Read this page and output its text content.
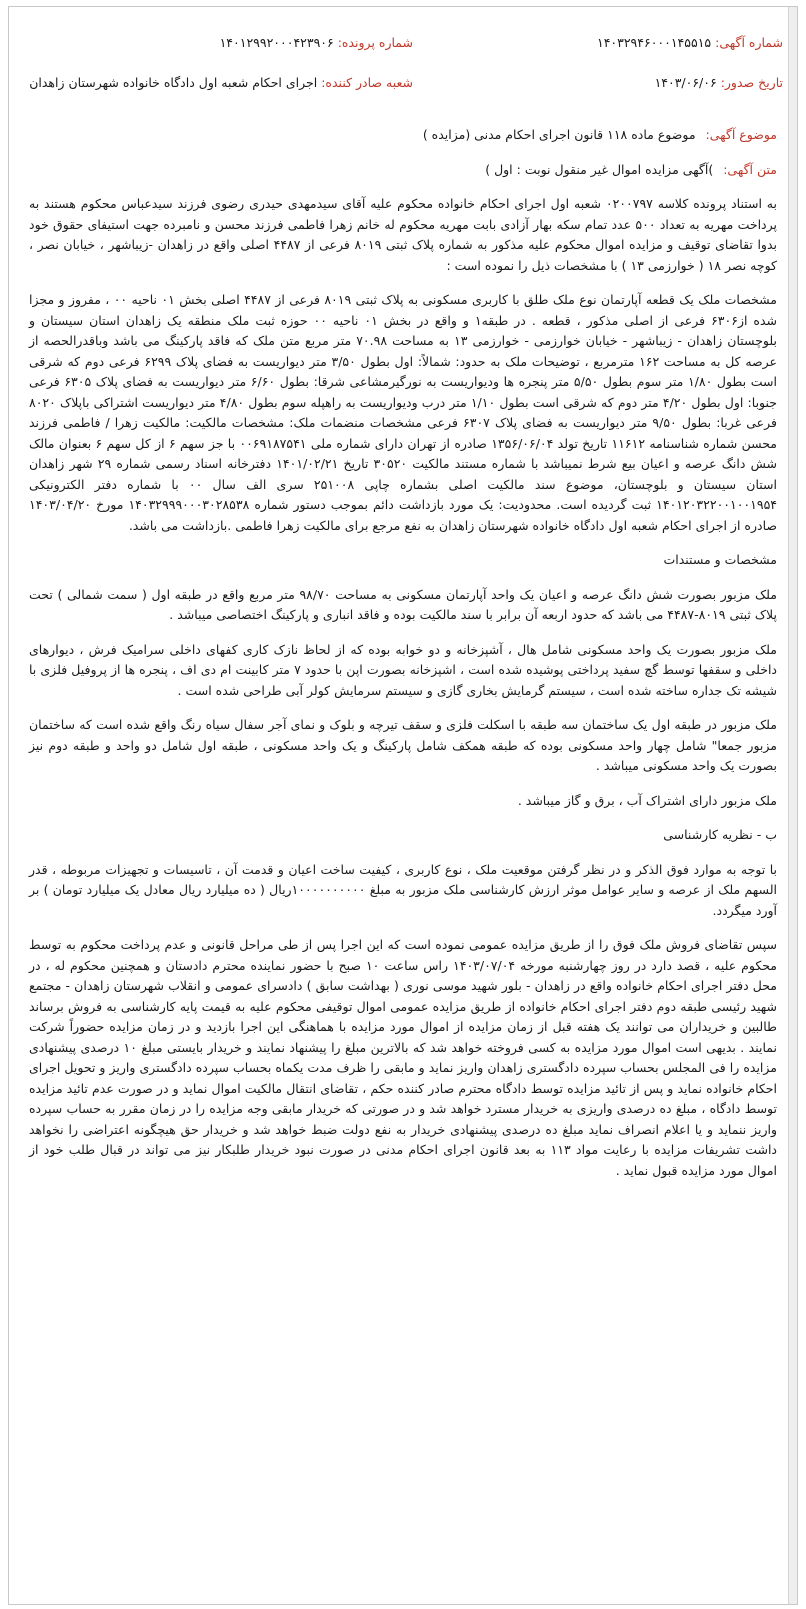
شماره آگهی: ۱۴۰۳۲۹۴۶۰۰۰۱۴۵۵۱۵
شماره پرونده: ۱۴۰۱۲۹۹۲۰۰۰۴۲۳۹۰۶
تاریخ صدور: ۱۴۰۳/۰۶/۰۶
شعبه صادر کننده: اجرای احکام شعبه اول دادگاه خانواده شهرستان زاهدان
موضوع آگهی: موضوع ماده ۱۱۸ قانون اجرای احکام مدنی (مزایده )
متن آگهی: )آگهی مزایده اموال غیر منقول نوبت : اول )

به استناد پرونده کلاسه ۰۲۰۰۷۹۷ شعبه اول اجرای احکام خانواده محکوم علیه آقای سیدمهدی حیدری رضوی فرزند سیدعباس محکوم هستند به پرداخت مهریه به تعداد ۵۰۰ عدد تمام سکه بهار آزادی بابت مهریه محکوم له خانم زهرا فاطمی فرزند محسن و نامبرده جهت استیفای حقوق خود بدوا تقاضای توقیف و مزایده اموال محکوم علیه مذکور به شماره پلاک ثبتی ۸۰۱۹ فرعی از ۴۴۸۷ اصلی واقع در زاهدان -زیباشهر ، خیابان نصر ، کوچه نصر ۱۸ ( خوارزمی ۱۳ ) با مشخصات ذیل را نموده است :

مشخصات ملک یک قطعه آپارتمان نوع ملک طلق با کاربری مسکونی به پلاک ثبتی ۸۰۱۹ فرعی از ۴۴۸۷ اصلی بخش ۰۱ ناحیه ۰۰ ، مفروز و مجزا شده از۶۳۰۶ فرعی از اصلی مذکور ، قطعه . در طبقه۱ و واقع در بخش ۰۱ ناحیه ۰۰ حوزه ثبت ملک منطقه یک زاهدان استان سیستان و بلوچستان زاهدان - زیباشهر - خیابان خوارزمی - خوارزمی ۱۳ به مساحت ۷۰.۹۸ متر مربع متن ملک که فاقد پارکینگ می باشد وباقدرالحصه از عرصه کل به مساحت ۱۶۲ مترمربع ، توضیحات ملک به حدود: شمالاً: اول بطول ۳/۵۰ متر دیواریست به فضای پلاک ۶۲۹۹ فرعی دوم که شرقی است بطول ۱/۸۰ متر سوم بطول ۵/۵۰ متر پنجره ها ودیواریست به نورگیرمشاعی شرقا: بطول ۶/۶۰ متر دیواریست به فضای پلاک ۶۳۰۵ فرعی جنوبا: اول بطول ۴/۲۰ متر دوم که شرقی است بطول ۱/۱۰ متر درب ودیواریست به راهپله سوم بطول ۴/۸۰ متر دیواریست اشتراکی باپلاک ۸۰۲۰ فرعی غربا: بطول ۹/۵۰ متر دیواریست به فضای پلاک ۶۳۰۷ فرعی مشخصات منضمات ملک: مشخصات مالکیت: مالکیت زهرا / فاطمی فرزند محسن شماره شناسنامه ۱۱۶۱۲ تاریخ تولد ۱۳۵۶/۰۶/۰۴ صادره از تهران دارای شماره ملی ۰۰۶۹۱۸۷۵۴۱ با جز سهم ۶ از کل سهم ۶ بعنوان مالک شش دانگ عرصه و اعیان بیع شرط نمیباشد با شماره مستند مالکیت ۳۰۵۲۰ تاریخ ۱۴۰۱/۰۲/۲۱ دفترخانه اسناد رسمی شماره ۲۹ شهر زاهدان استان سیستان و بلوچستان، موضوع سند مالکیت اصلی بشماره چاپی ۲۵۱۰۰۸ سری الف سال ۰۰ با شماره دفتر الکترونیکی ۱۴۰۱۲۰۳۲۲۰۰۱۰۰۱۹۵۴ ثبت گردیده است. محدودیت: یک مورد بازداشت دائم بموجب دستور شماره ۱۴۰۳۲۹۹۹۰۰۰۳۰۲۸۵۳۸ مورخ ۱۴۰۳/۰۴/۲۰ صادره از اجرای احکام شعبه اول دادگاه خانواده شهرستان زاهدان به نفع مرجع برای مالکیت زهرا فاطمی .بازداشت می باشد.

مشخصات و مستندات

ملک مزبور بصورت شش دانگ عرصه و اعیان یک واحد آپارتمان مسکونی به مساحت ۹۸/۷۰ متر مربع واقع در طبقه اول ( سمت شمالی ) تحت پلاک ثبتی ۸۰۱۹-۴۴۸۷ می باشد که حدود اربعه آن برابر با سند مالکیت بوده و فاقد انباری و پارکینگ اختصاصی میباشد .

ملک مزبور بصورت یک واحد مسکونی شامل هال ، آشپزخانه و دو خوابه بوده که از لحاظ نازک کاری کفهای داخلی سرامیک فرش ، دیوارهای داخلی و سقفها توسط گچ سفید پرداختی پوشیده شده است ، اشپزخانه بصورت اپن با حدود ۷ متر کابینت ام دی اف ، پنجره ها از پروفیل فلزی با شیشه تک جداره ساخته شده است ، سیستم گرمایش بخاری گازی و سیستم سرمایش کولر آبی طراحی شده است .

ملک مزبور در طبقه اول یک ساختمان سه طبقه با اسکلت فلزی و سقف تیرچه و بلوک و نمای آجر سفال سیاه رنگ واقع شده است که ساختمان مزبور جمعا" شامل چهار واحد مسکونی بوده که طبقه همکف شامل پارکینگ و یک واحد مسکونی ، طبقه اول شامل دو واحد و طبقه دوم نیز بصورت یک واحد مسکونی میباشد .

ملک مزبور دارای اشتراک آب ، برق و گاز میباشد .

ب - نظریه کارشناسی

با توجه به موارد فوق الذکر و در نظر گرفتن موقعیت ملک ، نوع کاربری ، کیفیت ساخت اعیان و قدمت آن ، تاسیسات و تجهیزات مربوطه ، قدر السهم ملک از عرصه و سایر عوامل موثر ارزش کارشناسی ملک مزبور به مبلغ ۱۰۰۰۰۰۰۰۰۰۰ریال ( ده میلیارد ریال معادل یک میلیارد تومان ) بر آورد میگردد.

سپس تقاضای فروش ملک فوق را از طریق مزایده عمومی نموده است که این اجرا پس از طی مراحل قانونی و عدم پرداخت محکوم به توسط محکوم علیه ، قصد دارد در روز چهارشنبه مورخه ۱۴۰۳/۰۷/۰۴ راس ساعت ۱۰ صبح با حضور نماینده محترم دادستان و همچنین محکوم له ، در محل دفتر اجرای احکام خانواده واقع در زاهدان - بلور شهید موسی نوری ( بهداشت سابق ) دادسرای عمومی و انقلاب شهرستان زاهدان - مجتمع شهید رئیسی طبقه دوم دفتر اجرای احکام خانواده از طریق مزایده عمومی اموال توقیفی محکوم علیه به قیمت پایه کارشناسی به فروش برساند طالبین و خریداران می توانند یک هفته قبل از زمان مزایده از اموال مورد مزایده با هماهنگی این اجرا بازدید و در زمان مزایده حضوراً شرکت نمایند . بدیهی است اموال مورد مزایده به کسی فروخته خواهد شد که بالاترین مبلغ را پیشنهاد نمایند و خریدار بایستی مبلغ ۱۰ درصدی پیشنهادی مزایده را فی المجلس بحساب سپرده دادگستری زاهدان واریز نماید و مابقی را ظرف مدت یکماه بحساب سپرده دادگستری واریز و تحویل اجرای احکام خانواده نماید و پس از تائید مزایده توسط دادگاه محترم صادر کننده حکم ، تقاضای انتقال مالکیت اموال نماید و در صورت عدم تائید مزایده توسط دادگاه ، مبلغ ده درصدی واریزی به خریدار مسترد خواهد شد و در صورتی که خریدار مابقی وجه مزایده را در زمان مقرر به حساب سپرده واریز ننماید و یا اعلام انصراف نماید مبلغ ده درصدی پیشنهادی خریدار به نفع دولت ضبط خواهد شد و خریدار حق هیچگونه اعتراضی را نخواهد داشت تشریفات مزایده با رعایت مواد ۱۱۳ به بعد قانون اجرای احکام مدنی در صورت نبود خریدار طلبکار نیز می تواند در قبال طلب خود از اموال مورد مزایده قبول نماید .
